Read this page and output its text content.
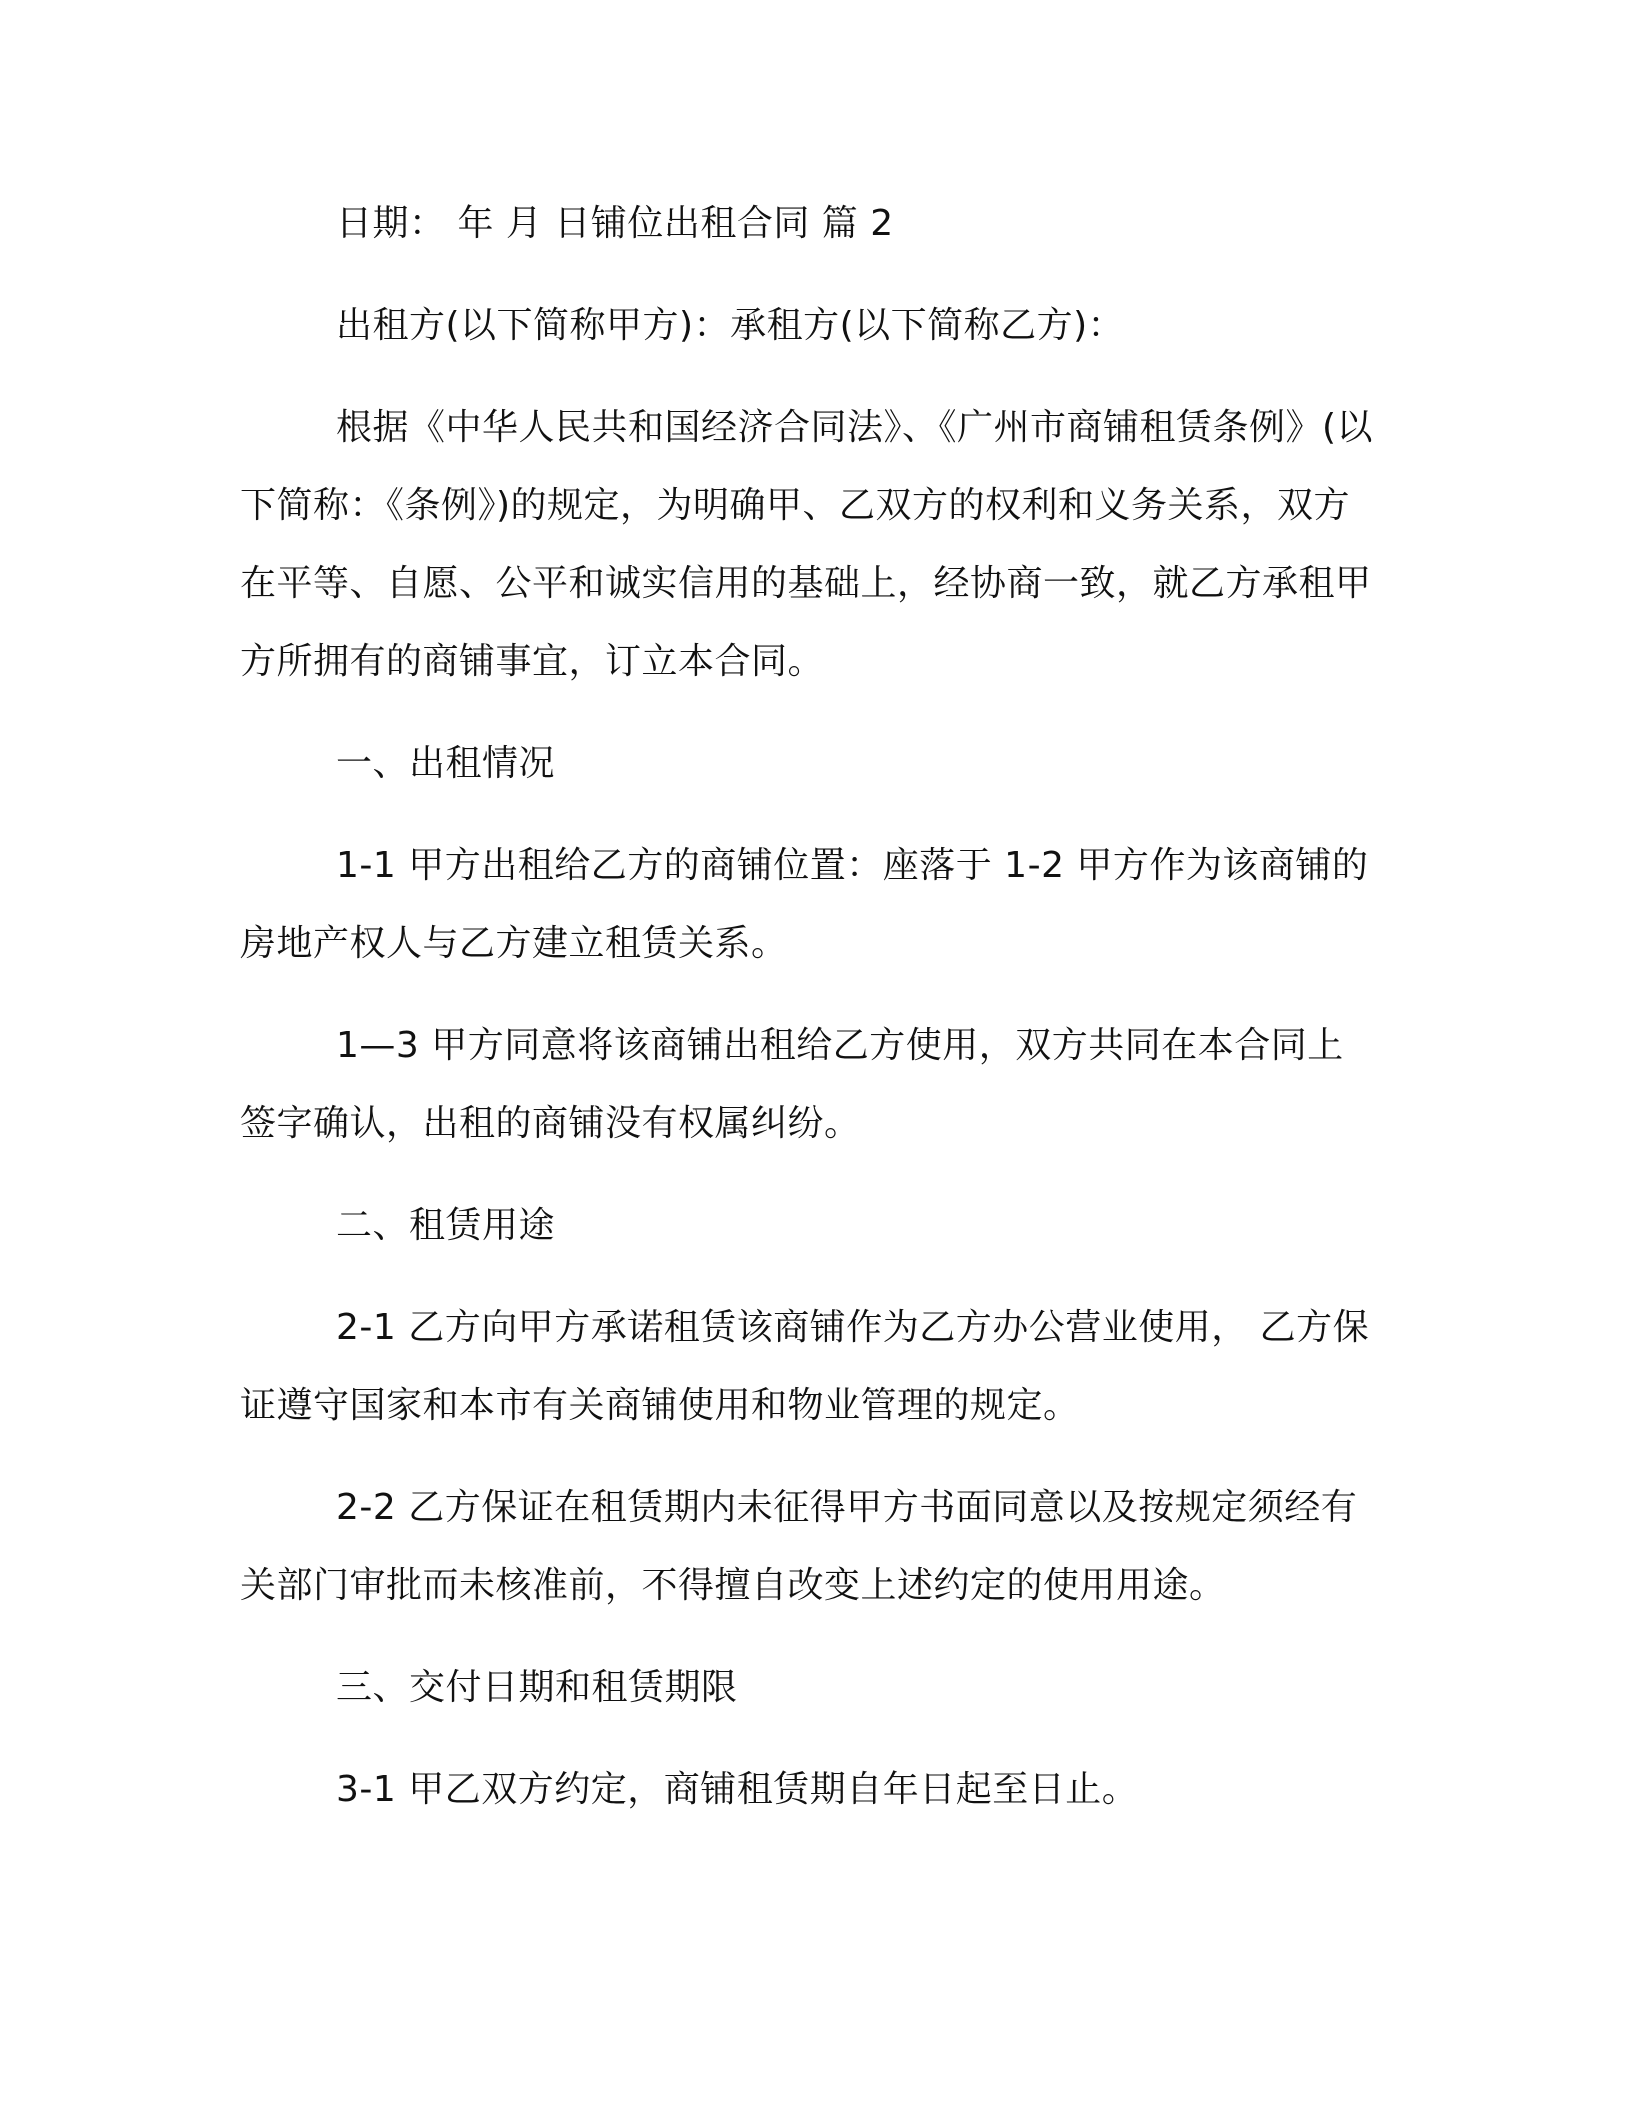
日期： 年 月 日铺位出租合同 篇 2

出租方(以下简称甲方)：承租方(以下简称乙方)：

根据《中华人民共和国经济合同法》、《广州市商铺租赁条例》(以下简称：《条例》)的规定，为明确甲、乙双方的权利和义务关系，双方在平等、自愿、公平和诚实信用的基础上，经协商一致，就乙方承租甲方所拥有的商铺事宜，订立本合同。

一、出租情况

1-1 甲方出租给乙方的商铺位置：座落于 1-2 甲方作为该商铺的房地产权人与乙方建立租赁关系。

1—3 甲方同意将该商铺出租给乙方使用，双方共同在本合同上签字确认，出租的商铺没有权属纠纷。

二、租赁用途

2-1 乙方向甲方承诺租赁该商铺作为乙方办公营业使用， 乙方保证遵守国家和本市有关商铺使用和物业管理的规定。

2-2 乙方保证在租赁期内未征得甲方书面同意以及按规定须经有关部门审批而未核准前，不得擅自改变上述约定的使用用途。

三、交付日期和租赁期限

3-1 甲乙双方约定，商铺租赁期自年日起至日止。
